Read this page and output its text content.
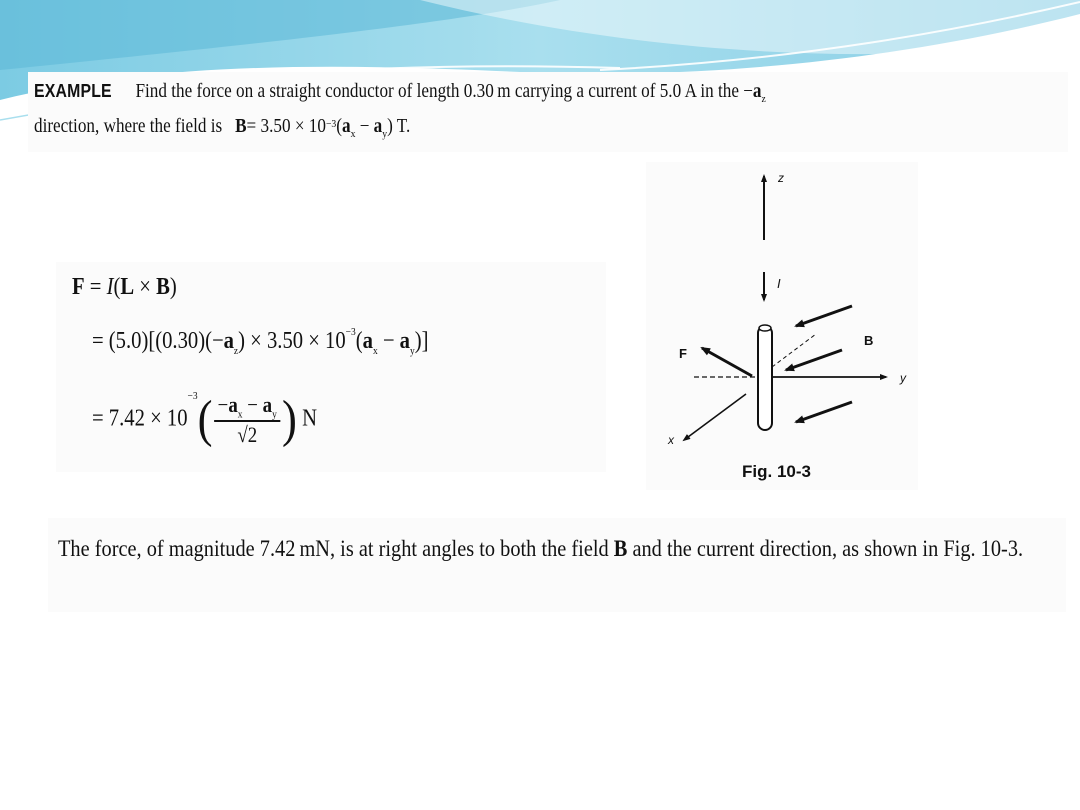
EXAMPLE Find the force on a straight conductor of length 0.30 m carrying a current of 5.0 A in the $-a_z$
direction, where the field is $B= 3.50 \times 10^{-3}(a_x - a_y)$ T.
F = I(L × B)
= $(5.0)[(0.30)(-a_z) \times 3.50 \times 10^{-3}(a_x - a_y)]$
= $7.42 \times 10^{-3}( \frac{-a_x - a_y}{√2}$ ) N
z
I
y
x
F
B
Fig. 10-3
The force, of magnitude 7.42 mN, is at right angles to both the field B and the current direction, as shown in Fig. 10-3.
